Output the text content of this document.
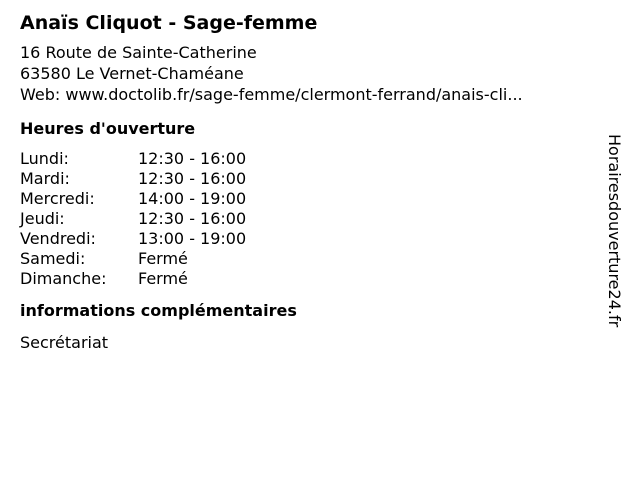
Anaïs Cliquot - Sage-femme
16 Route de Sainte-Catherine
63580 Le Vernet-Chaméane
Web: www.doctolib.fr/sage-femme/clermont-ferrand/anais-cli...
Heures d'ouverture
Lundi:	12:30 - 16:00
Mardi:	12:30 - 16:00
Mercredi:	14:00 - 19:00
Jeudi:	12:30 - 16:00
Vendredi:	13:00 - 19:00
Samedi:	Fermé
Dimanche:	Fermé
informations complémentaires
Secrétariat
Horairesdouverture24.fr
